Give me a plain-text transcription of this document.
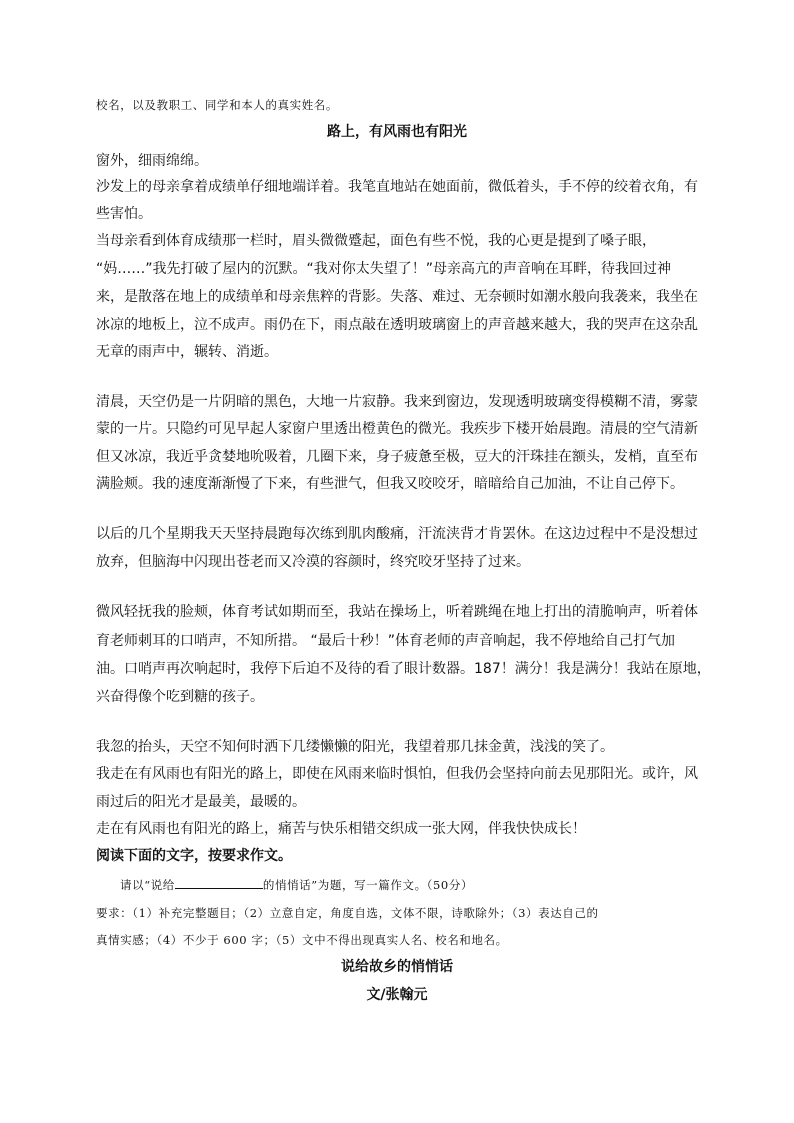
校名，以及教职工、同学和本人的真实姓名。
路上，有风雨也有阳光
窗外，细雨绵绵。
沙发上的母亲拿着成绩单仔细地端详着。我笔直地站在她面前，微低着头，手不停的绞着衣角，有
些害怕。
当母亲看到体育成绩那一栏时，眉头微微蹙起，面色有些不悦，我的心更是提到了嗓子眼，
“妈……”我先打破了屋内的沉默。“我对你太失望了！”母亲高亢的声音响在耳畔，待我回过神
来，是散落在地上的成绩单和母亲焦粹的背影。失落、难过、无奈顿时如潮水般向我袭来，我坐在
冰凉的地板上，泣不成声。雨仍在下，雨点敲在透明玻璃窗上的声音越来越大，我的哭声在这杂乱
无章的雨声中，辗转、消逝。
清晨，天空仍是一片阴暗的黑色，大地一片寂静。我来到窗边，发现透明玻璃变得模糊不清，雾蒙
蒙的一片。只隐约可见早起人家窗户里透出橙黄色的微光。我疾步下楼开始晨跑。清晨的空气清新
但又冰凉，我近乎贪婪地吮吸着，几圈下来，身子疲惫至极，豆大的汗珠挂在额头，发梢，直至布
满脸颊。我的速度渐渐慢了下来，有些泄气，但我又咬咬牙，暗暗给自己加油，不让自己停下。
以后的几个星期我天天坚持晨跑每次练到肌肉酸痛，汗流浃背才肯罢休。在这边过程中不是没想过
放弃，但脑海中闪现出苍老而又冷漠的容颜时，终究咬牙坚持了过来。
微风轻抚我的脸颊，体育考试如期而至，我站在操场上，听着跳绳在地上打出的清脆响声，听着体
育老师刺耳的口哨声，不知所措。 “最后十秒！”体育老师的声音响起，我不停地给自己打气加
油。口哨声再次响起时，我停下后迫不及待的看了眼计数器。187！满分！我是满分！我站在原地，
兴奋得像个吃到糖的孩子。
我忽的抬头，天空不知何时洒下几缕懒懒的阳光，我望着那几抹金黄，浅浅的笑了。
我走在有风雨也有阳光的路上，即使在风雨来临时惧怕，但我仍会坚持向前去见那阳光。或许，风
雨过后的阳光才是最美，最暖的。
走在有风雨也有阳光的路上，痛苦与快乐相错交织成一张大网，伴我快快成长！
阅读下面的文字，按要求作文。
请以“说给	的悄悄话”为题，写一篇作文。（50分）
要求：（1）补充完整题目；（2）立意自定，角度自选，文体不限，诗歌除外；（3）表达自己的
真情实感；（4）不少于 600 字；（5）文中不得出现真实人名、校名和地名。
说给故乡的悄悄话
文/张翰元
